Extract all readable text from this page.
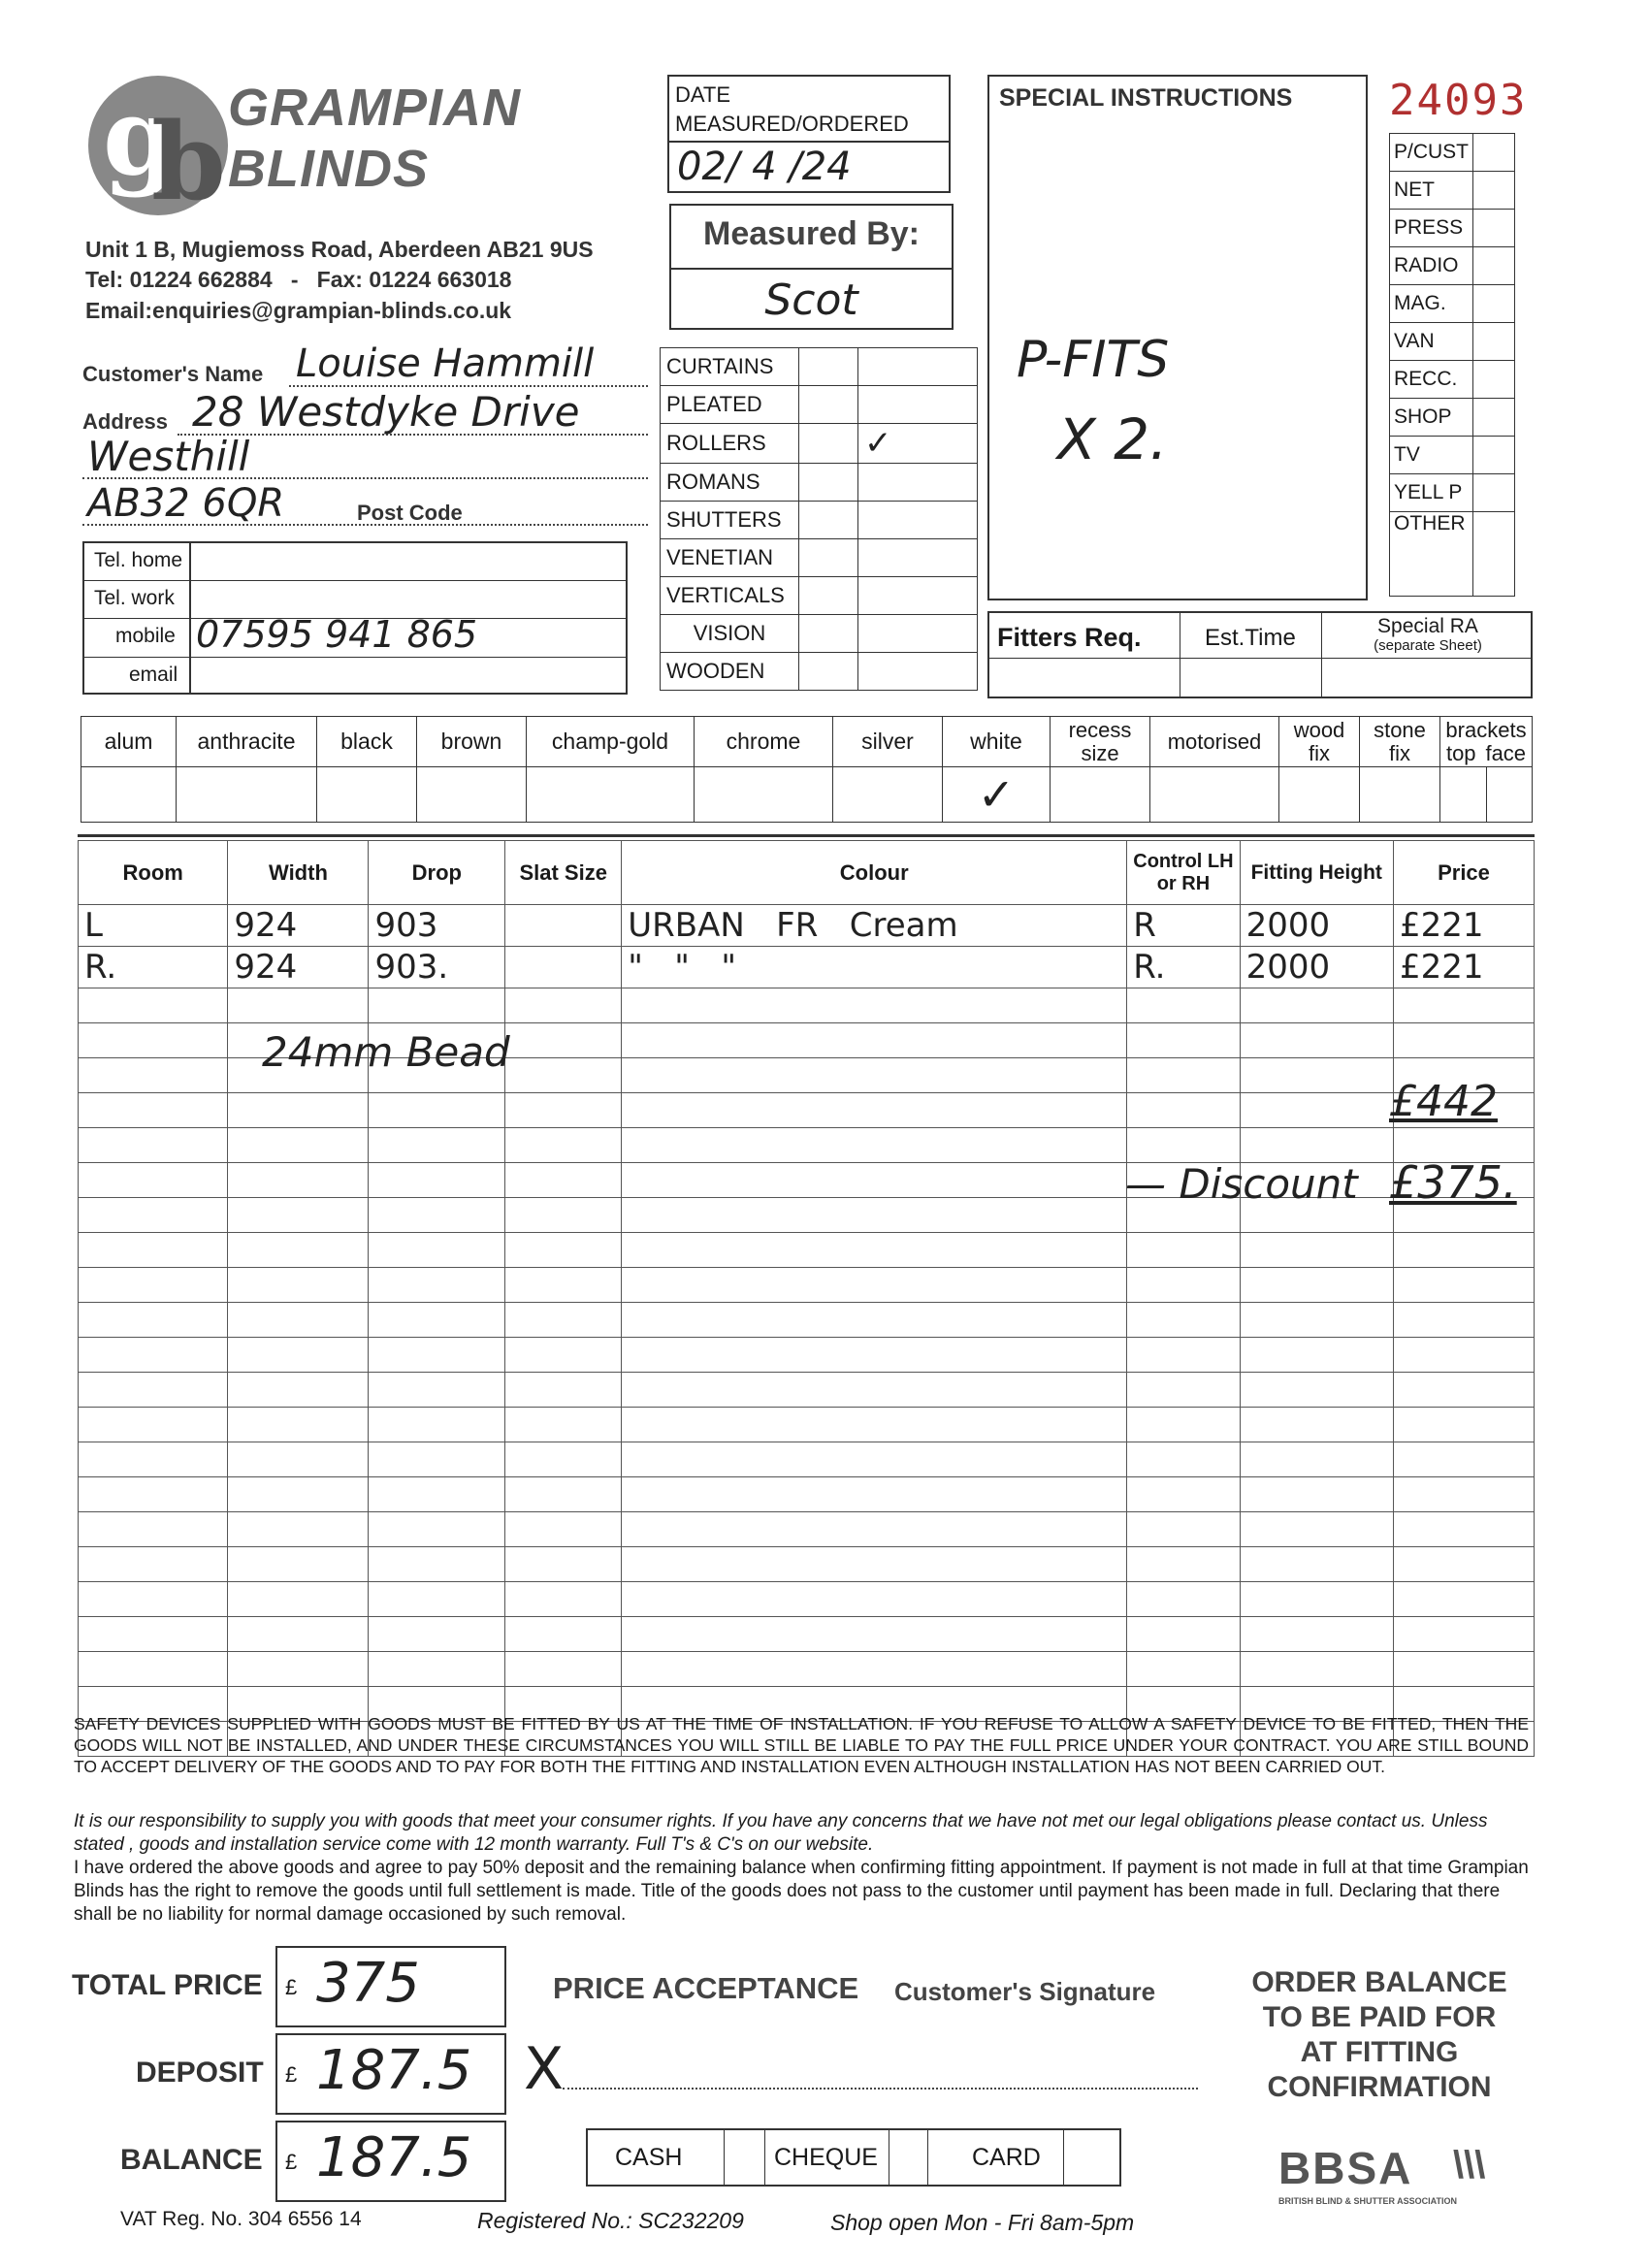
g
b GRAMPIAN
BLINDS
Unit 1 B, Mugiemoss Road, Aberdeen AB21 9US
Tel: 01224 662884   -   Fax: 01224 663018
Email:enquiries@grampian-blinds.co.uk
DATE
MEASURED/ORDERED
02/ 4 /24
Measured By:
Scot
SPECIAL INSTRUCTIONS
P-FITS
X 2.
24093
P/CUST	
NET	
PRESS	
RADIO	
MAG.	
VAN	
RECC.	
SHOP	
TV	
YELL P	
OTHER	
Customer's Name Louise Hammill
Address 28 Westdyke Drive
Westhill
AB32 6QR	Post Code
Tel. home
Tel. work
mobile 07595 941 865
email
CURTAINS		
PLEATED		
ROLLERS		✓
ROMANS		
SHUTTERS		
VENETIAN		
VERTICALS		
VISION		
WOODEN		
Fitters Req.	Est.Time	Special RA
(separate Sheet)
alum	anthracite	black	brown	champ-gold	chrome	silver	white	recess size	motorised	wood fix	stone fix	brackets
top face	

							✓						
Room	Width	Drop	Slat Size	Colour	Control LH or RH	Fitting Height	Price
L	924	903		URBAN   FR   Cream	R	2000	£221
R.	924	903.		"   "   "	R.	2000	£221

24mm Bead
£442
— Discount £375.
SAFETY DEVICES SUPPLIED WITH GOODS MUST BE FITTED BY US AT THE TIME OF INSTALLATION. IF YOU REFUSE TO ALLOW A SAFETY DEVICE TO BE FITTED, THEN THE GOODS WILL NOT BE INSTALLED, AND UNDER THESE CIRCUMSTANCES YOU WILL STILL BE LIABLE TO PAY THE FULL PRICE UNDER YOUR CONTRACT. YOU ARE STILL BOUND TO ACCEPT DELIVERY OF THE GOODS AND TO PAY FOR BOTH THE FITTING AND INSTALLATION EVEN ALTHOUGH INSTALLATION HAS NOT BEEN CARRIED OUT.
It is our responsibility to supply you with goods that meet your consumer rights. If you have any concerns that we have not met our legal obligations please contact us. Unless stated , goods and installation service come with 12 month warranty. Full T's & C's on our website.
I have ordered the above goods and agree to pay 50% deposit and the remaining balance when confirming fitting appointment. If payment is not made in full at that time Grampian Blinds has the right to remove the goods until full settlement is made. Title of the goods does not pass to the customer until payment has been made in full. Declaring that there shall be no liability for normal damage occasioned by such removal.
TOTAL PRICE £ 375
DEPOSIT £ 187.5
BALANCE £ 187.5
PRICE ACCEPTANCE Customer's Signature
X
CASH	CHEQUE	CARD
ORDER BALANCE
TO BE PAID FOR
AT FITTING
CONFIRMATION
BBSA \\\
BRITISH BLIND & SHUTTER ASSOCIATION
VAT Reg. No. 304 6556 14	Registered No.: SC232209	Shop open Mon - Fri 8am-5pm
